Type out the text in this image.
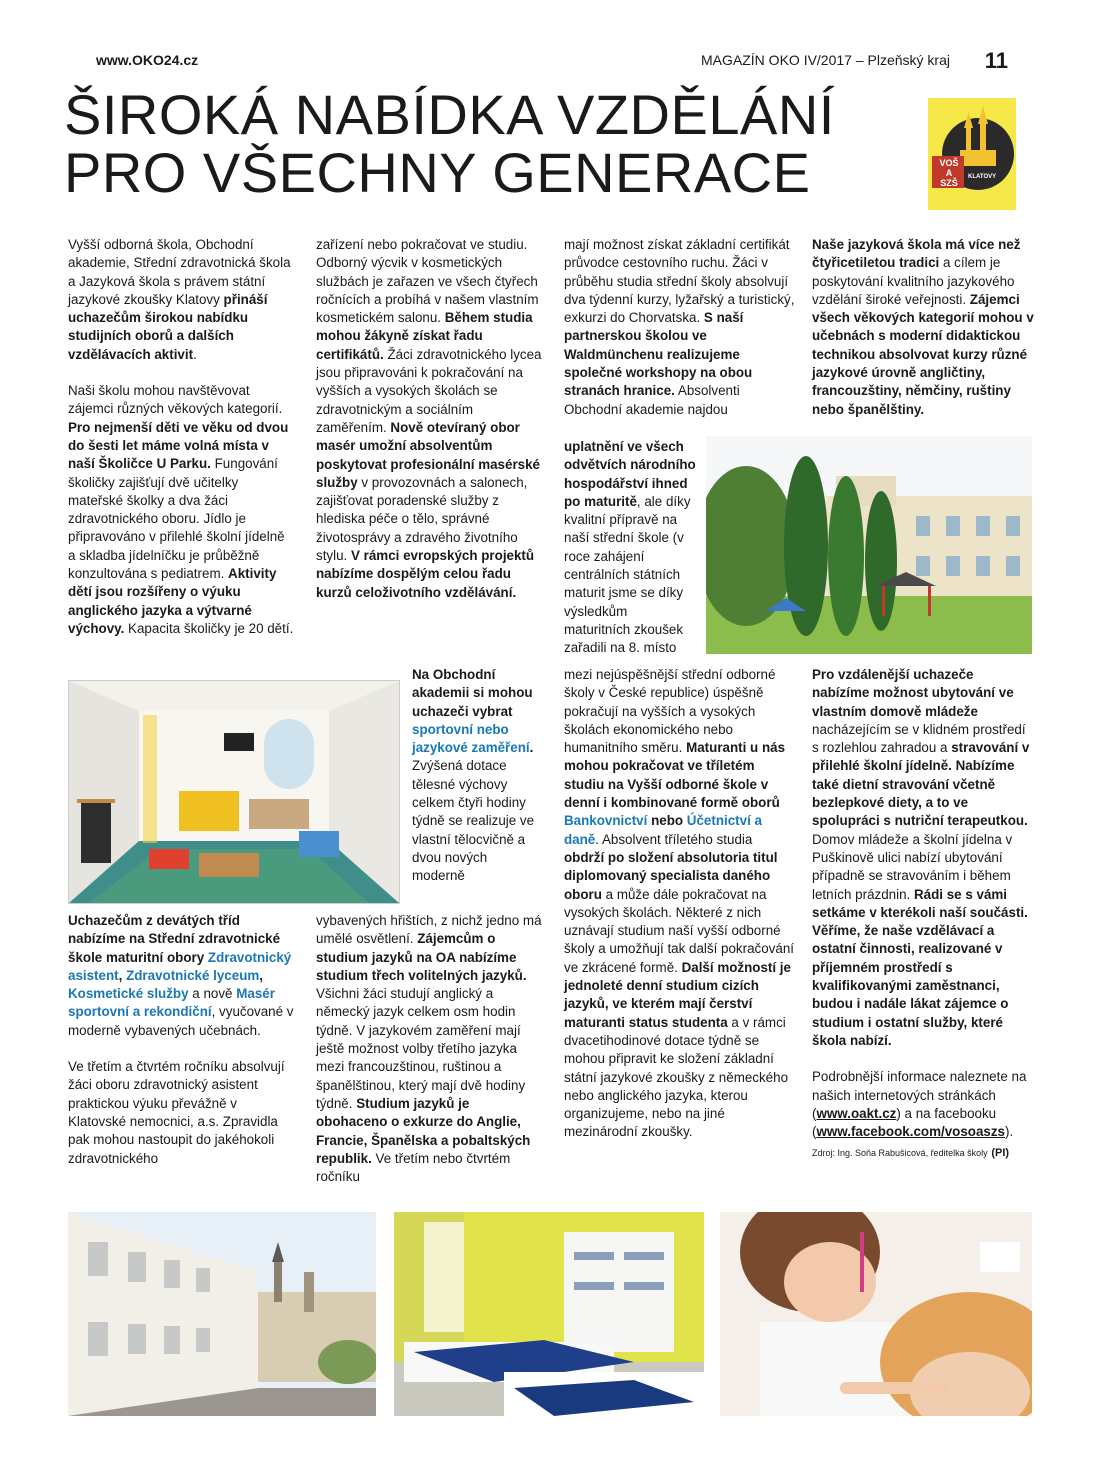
www.OKO24.cz	MAGAZÍN OKO IV/2017 – Plzeňský kraj 11
ŠIROKÁ NABÍDKA VZDĚLÁNÍ
PRO VŠECHNY GENERACE	VOŠ
A
SZŠ
KLATOVY

Vyšší odborná škola, Obchodní akademie, Střední zdravotnická škola a Jazyková škola s právem státní jazykové zkoušky Klatovy přináší uchazečům širokou nabídku studijních oborů a dalších vzdělávacích aktivit.

Naši školu mohou navštěvovat zájemci různých věkových kategorií. Pro nejmenší děti ve věku od dvou do šesti let máme volná místa v naší Školičce U Parku. Fungování školičky zajišťují dvě učitelky mateřské školky a dva žáci zdravotnického oboru. Jídlo je připravováno v přilehlé školní jídelně a skladba jídelníčku je průběžně konzultována s pediatrem. Aktivity dětí jsou rozšířeny o výuku anglického jazyka a výtvarné výchovy. Kapacita školičky je 20 dětí.

zařízení nebo pokračovat ve studiu. Odborný výcvik v kosmetických službách je zařazen ve všech čtyřech ročnících a probíhá v našem vlastním kosmetickém salonu. Během studia mohou žákyně získat řadu certifikátů. Žáci zdravotnického lycea jsou připravováni k pokračování na vyšších a vysokých školách se zdravotnickým a sociálním zaměřením. Nově otevíraný obor masér umožní absolventům poskytovat profesionální masérské služby v provozovnách a salonech, zajišťovat poradenské služby z hlediska péče o tělo, správné životosprávy a zdravého životního stylu. V rámci evropských projektů nabízíme dospělým celou řadu kurzů celoživotního vzdělávání.

Na Obchodní akademii si mohou uchazeči vybrat sportovní nebo jazykové zaměření. Zvýšená dotace tělesné výchovy celkem čtyři hodiny týdně se realizuje ve vlastní tělocvičně a dvou nových moderně

Uchazečům z devátých tříd nabízíme na Střední zdravotnické škole maturitní obory Zdravotnický asistent, Zdravotnické lyceum, Kosmetické služby a nově Masér sportovní a rekondiční, vyučované v moderně vybavených učebnách.

Ve třetím a čtvrtém ročníku absolvují žáci oboru zdravotnický asistent praktickou výuku převážně v Klatovské nemocnici, a.s. Zpravidla pak mohou nastoupit do jakéhokoli zdravotnického

vybavených hřištích, z nichž jedno má umělé osvětlení. Zájemcům o studium jazyků na OA nabízíme studium třech volitelných jazyků. Všichni žáci studují anglický a německý jazyk celkem osm hodin týdně. V jazykovém zaměření mají ještě možnost volby třetího jazyka mezi francouzštinou, ruštinou a španělštinou, který mají dvě hodiny týdně. Studium jazyků je obohaceno o exkurze do Anglie, Francie, Španělska a pobaltských republik. Ve třetím nebo čtvrtém ročníku

mají možnost získat základní certifikát průvodce cestovního ruchu. Žáci v průběhu studia střední školy absolvují dva týdenní kurzy, lyžařský a turistický, exkurzi do Chorvatska. S naší partnerskou školou ve Waldmünchenu realizujeme společné workshopy na obou stranách hranice. Absolventi Obchodní akademie najdou

uplatnění ve všech odvětvích národního hospodářství ihned po maturitě, ale díky kvalitní přípravě na naší střední škole (v roce zahájení centrálních státních maturit jsme se díky výsledkům maturitních zkoušek zařadili na 8. místo

mezi nejúspěšnější střední odborné školy v České republice) úspěšně pokračují na vyšších a vysokých školách ekonomického nebo humanitního směru. Maturanti u nás mohou pokračovat ve tříletém studiu na Vyšší odborné škole v denní i kombinované formě oborů Bankovnictví nebo Účetnictví a daně. Absolvent tříletého studia obdrží po složení absolutoria titul diplomovaný specialista daného oboru a může dále pokračovat na vysokých školách. Některé z nich uznávají studium naší vyšší odborné školy a umožňují tak další pokračování ve zkrácené formě. Další možností je jednoleté denní studium cizích jazyků, ve kterém mají čerství maturanti status studenta a v rámci dvacetihodinové dotace týdně se mohou připravit ke složení základní státní jazykové zkoušky z německého nebo anglického jazyka, kterou organizujeme, nebo na jiné mezinárodní zkoušky.

Naše jazyková škola má více než čtyřicetiletou tradici a cílem je poskytování kvalitního jazykového vzdělání široké veřejnosti. Zájemci všech věkových kategorií mohou v učebnách s moderní didaktickou technikou absolvovat kurzy různé jazykové úrovně angličtiny, francouzštiny, němčiny, ruštiny nebo španělštiny.

Pro vzdálenější uchazeče nabízíme možnost ubytování ve vlastním domově mládeže nacházejícím se v klidném prostředí s rozlehlou zahradou a stravování v přilehlé školní jídelně. Nabízíme také dietní stravování včetně bezlepkové diety, a to ve spolupráci s nutriční terapeutkou. Domov mládeže a školní jídelna v Puškinově ulici nabízí ubytování případně se stravováním i během letních prázdnin. Rádi se s vámi setkáme v kterékoli naší součásti. Věříme, že naše vzdělávací a ostatní činnosti, realizované v příjemném prostředí s kvalifikovanými zaměstnanci, budou i nadále lákat zájemce o studium i ostatní služby, které škola nabízí.

Podrobnější informace naleznete na našich internetových stránkách (www.oakt.cz) a na facebooku (www.facebook.com/vosoaszs).

Zdroj: Ing. Soňa Rabušicová, ředitelka školy (PI)
